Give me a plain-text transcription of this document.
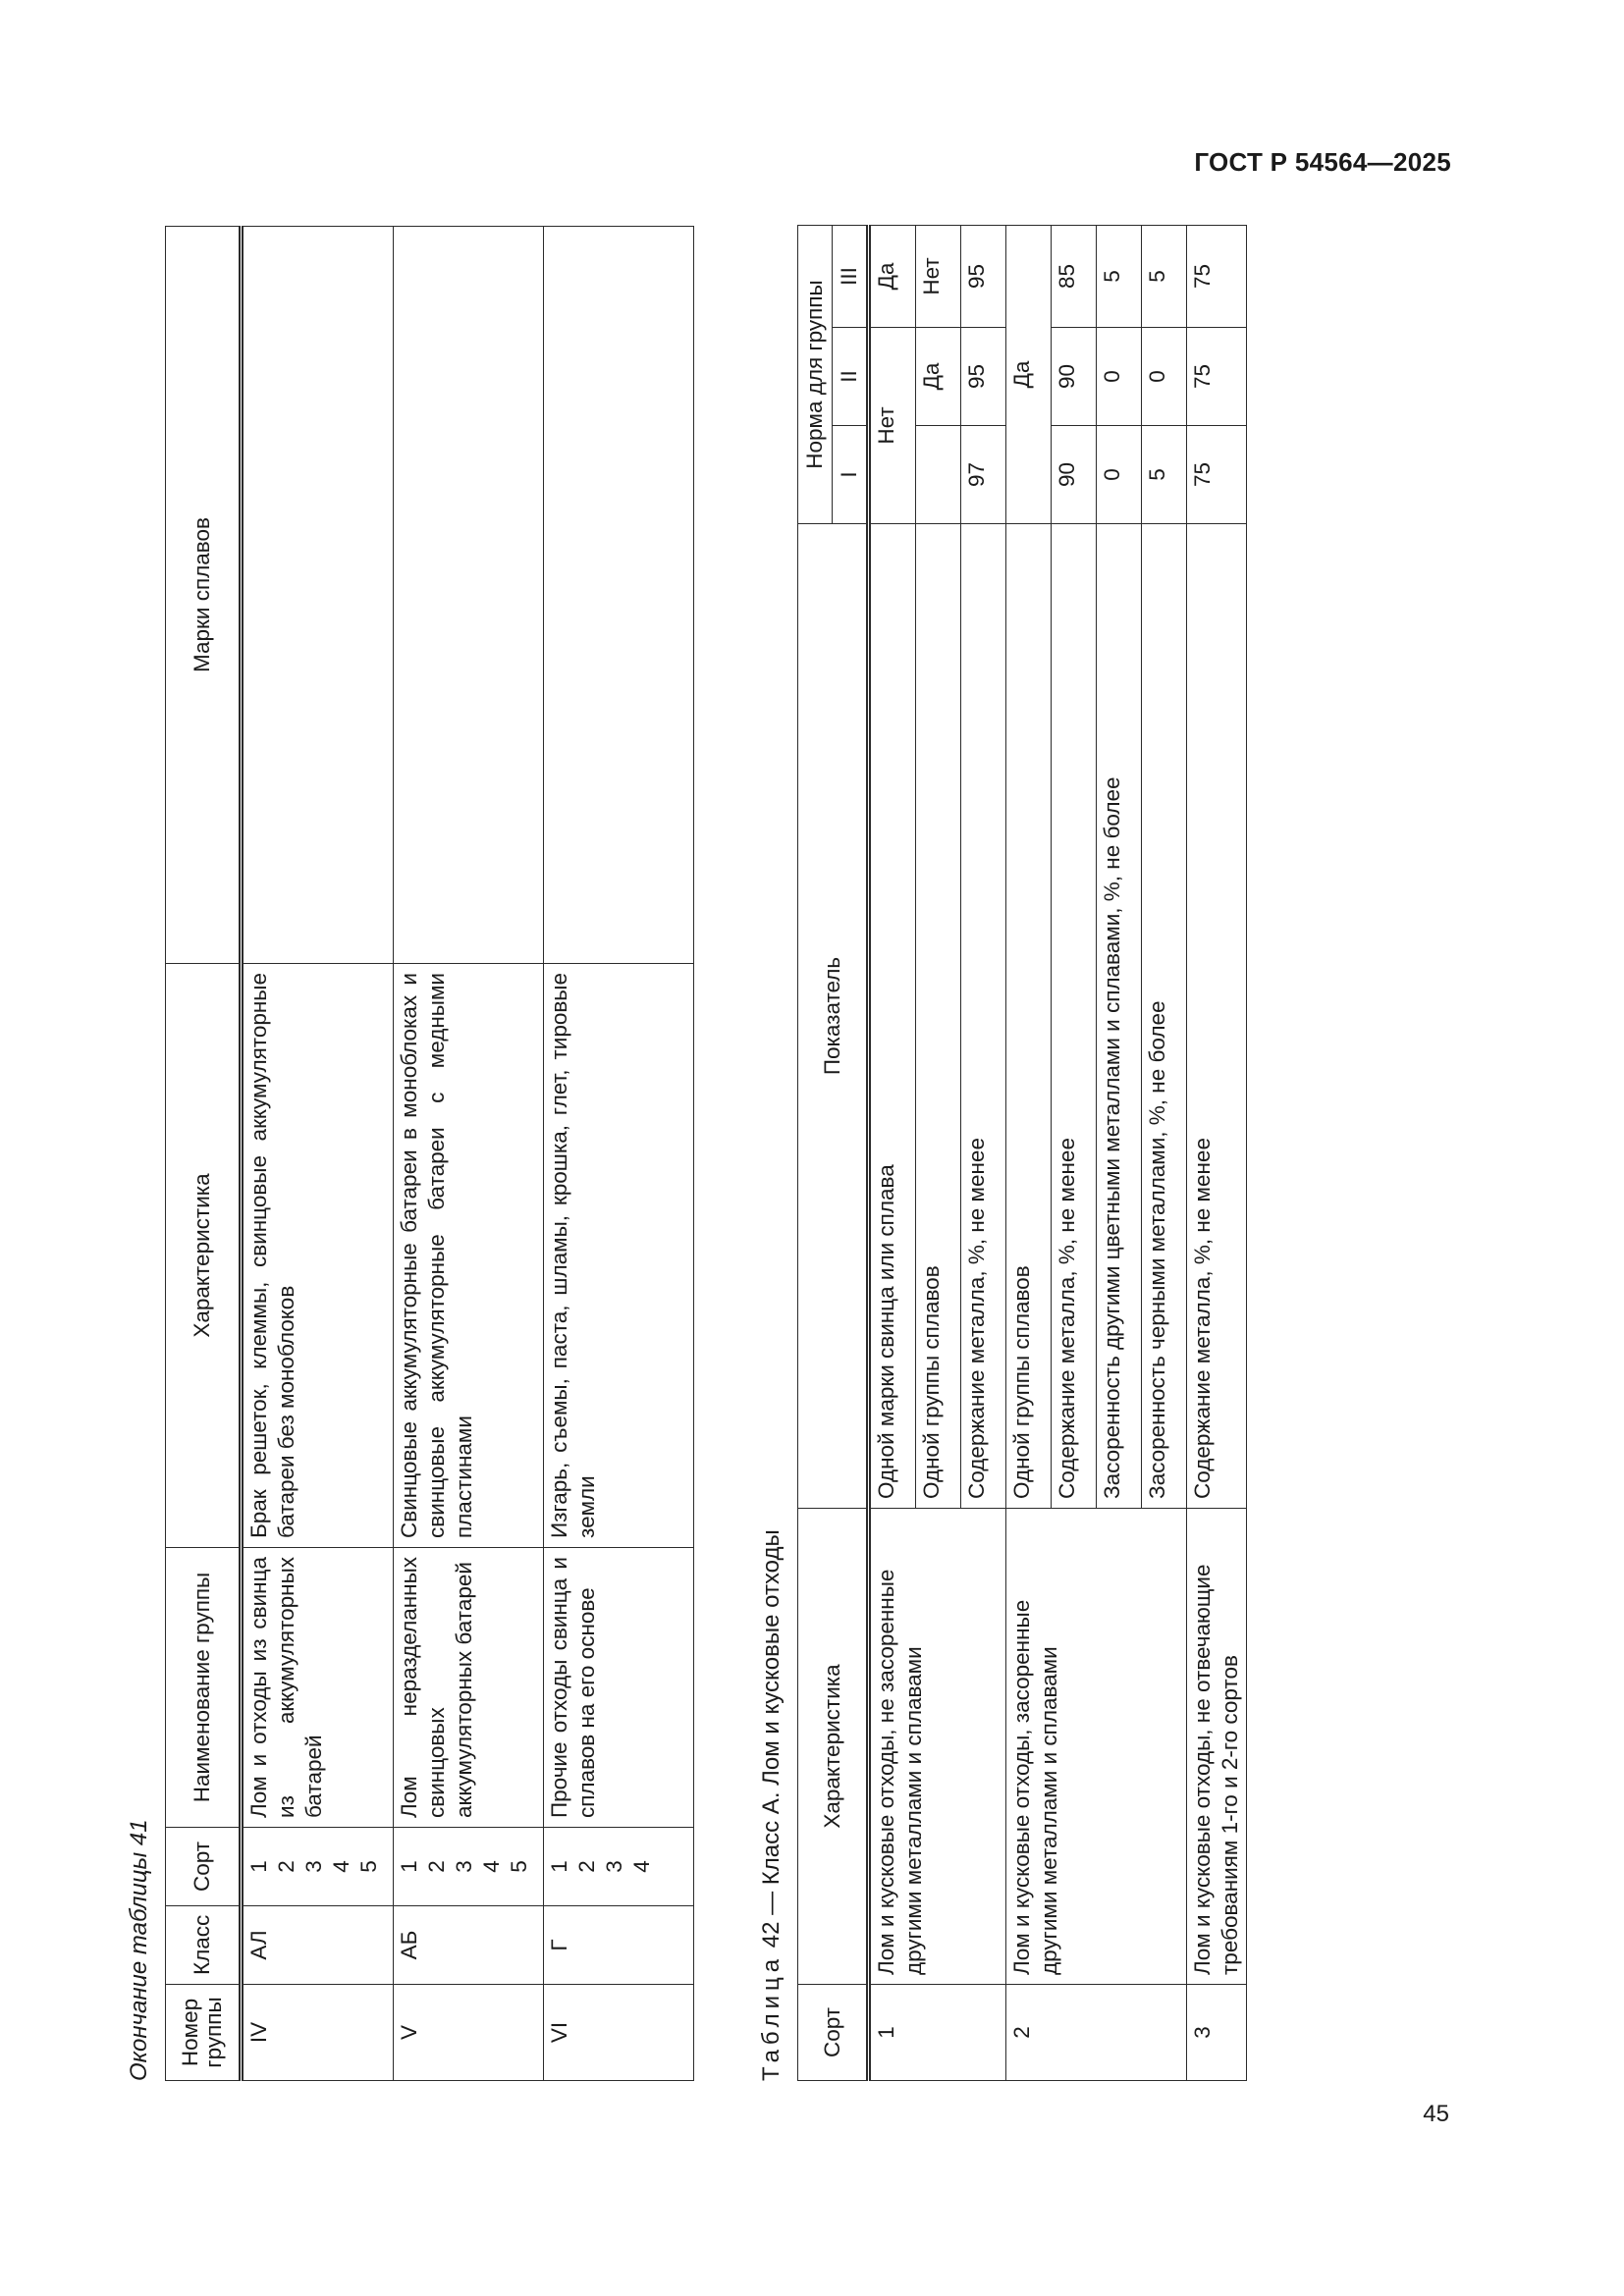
ГОСТ Р 54564—2025
Окончание таблицы 41	Номер группы	Класс	Сорт	Наименование группы	Характеристика	Марки сплавов
IV	АЛ	1 2 3 4 5	Лом и отходы из свинца из аккумуляторных батарей	Брак решеток, клеммы, свинцовые аккумуляторные батареи без моноблоков	
V	АБ	1 2 3 4 5	Лом неразделанных свинцовых аккумуляторных батарей	Свинцовые аккумуляторные батареи в моноблоках и свинцовые аккумуляторные батареи с медными пластинами	
VI	Г	1 2 3 4	Прочие отходы свинца и сплавов на его основе	Изгарь, съемы, паста, шламы, крошка, глет, тировые земли	
Таблица 42 — Класс А. Лом и кусковые отходы
Сорт	Характеристика	Показатель	Норма для группы		
			I	II	III
1	Лом и кусковые отходы, не засоренные другими металлами и сплавами	Одной марки свинца или сплава	Нет		Да
		Одной группы сплавов		Да	Нет
		Содержание металла, %, не менее	97	95	95
2	Лом и кусковые отходы, засоренные другими металлами и сплавами	Одной группы сплавов	Да		
		Содержание металла, %, не менее	90	90	85
		Засоренность другими цветными металлами и сплавами, %, не более	0	0	5
		Засоренность черными металлами, %, не более	5	0	5
3	Лом и кусковые отходы, не отвечающие требованиям 1-го и 2-го сортов	Содержание металла, %, не менее	75	75	75
45
